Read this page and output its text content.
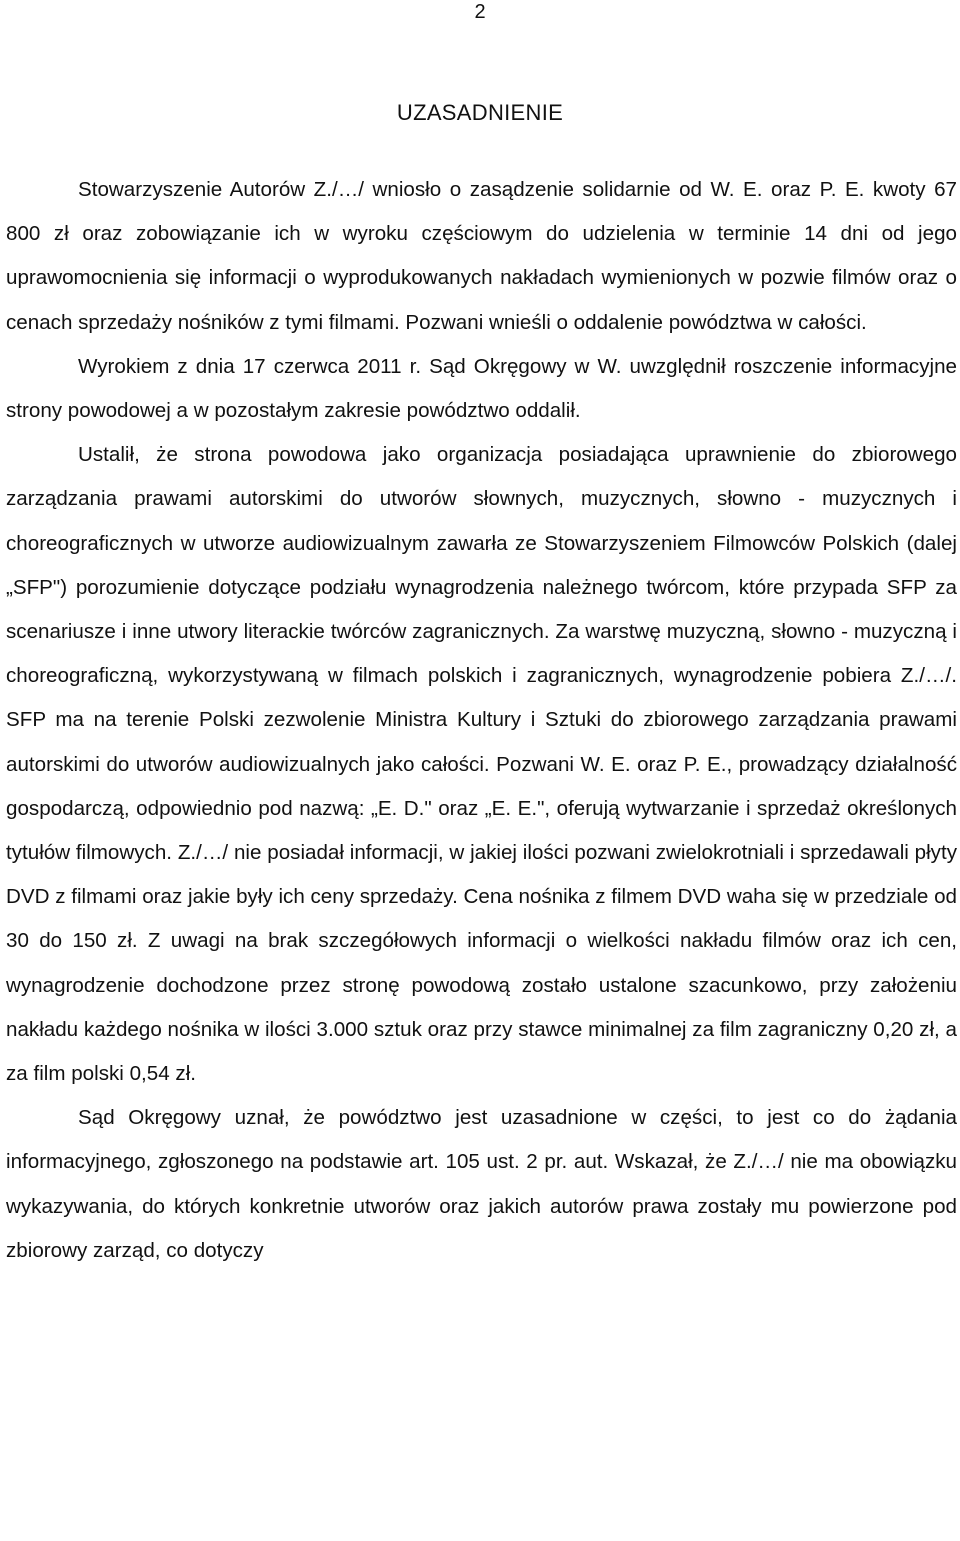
2
UZASADNIENIE

Stowarzyszenie Autorów Z./…/ wniosło o zasądzenie solidarnie od W. E. oraz P. E. kwoty 67 800 zł oraz zobowiązanie ich w wyroku częściowym do udzielenia w terminie 14 dni od jego uprawomocnienia się informacji o wyprodukowanych nakładach wymienionych w pozwie filmów oraz o cenach sprzedaży nośników z tymi filmami. Pozwani wnieśli o oddalenie powództwa w całości.

Wyrokiem z dnia 17 czerwca 2011 r. Sąd Okręgowy w W. uwzględnił roszczenie informacyjne strony powodowej a w pozostałym zakresie powództwo oddalił.

Ustalił, że strona powodowa jako organizacja posiadająca uprawnienie do zbiorowego zarządzania prawami autorskimi do utworów słownych, muzycznych, słowno - muzycznych i choreograficznych w utworze audiowizualnym zawarła ze Stowarzyszeniem Filmowców Polskich (dalej „SFP") porozumienie dotyczące podziału wynagrodzenia należnego twórcom, które przypada SFP za scenariusze i inne utwory literackie twórców zagranicznych. Za warstwę muzyczną, słowno - muzyczną i choreograficzną, wykorzystywaną w filmach polskich i zagranicznych, wynagrodzenie pobiera Z./…/. SFP ma na terenie Polski zezwolenie Ministra Kultury i Sztuki do zbiorowego zarządzania prawami autorskimi do utworów audiowizualnych jako całości. Pozwani W. E. oraz P. E., prowadzący działalność gospodarczą, odpowiednio pod nazwą: „E. D." oraz „E. E.", oferują wytwarzanie i sprzedaż określonych tytułów filmowych. Z./…/ nie posiadał informacji, w jakiej ilości pozwani zwielokrotniali i sprzedawali płyty DVD z filmami oraz jakie były ich ceny sprzedaży. Cena nośnika z filmem DVD waha się w przedziale od 30 do 150 zł. Z uwagi na brak szczegółowych informacji o wielkości nakładu filmów oraz ich cen, wynagrodzenie dochodzone przez stronę powodową zostało ustalone szacunkowo, przy założeniu nakładu każdego nośnika w ilości 3.000 sztuk oraz przy stawce minimalnej za film zagraniczny 0,20 zł, a za film polski 0,54 zł.

Sąd Okręgowy uznał, że powództwo jest uzasadnione w części, to jest co do żądania informacyjnego, zgłoszonego na podstawie art. 105 ust. 2 pr. aut. Wskazał, że Z./…/ nie ma obowiązku wykazywania, do których konkretnie utworów oraz jakich autorów prawa zostały mu powierzone pod zbiorowy zarząd, co dotyczy
